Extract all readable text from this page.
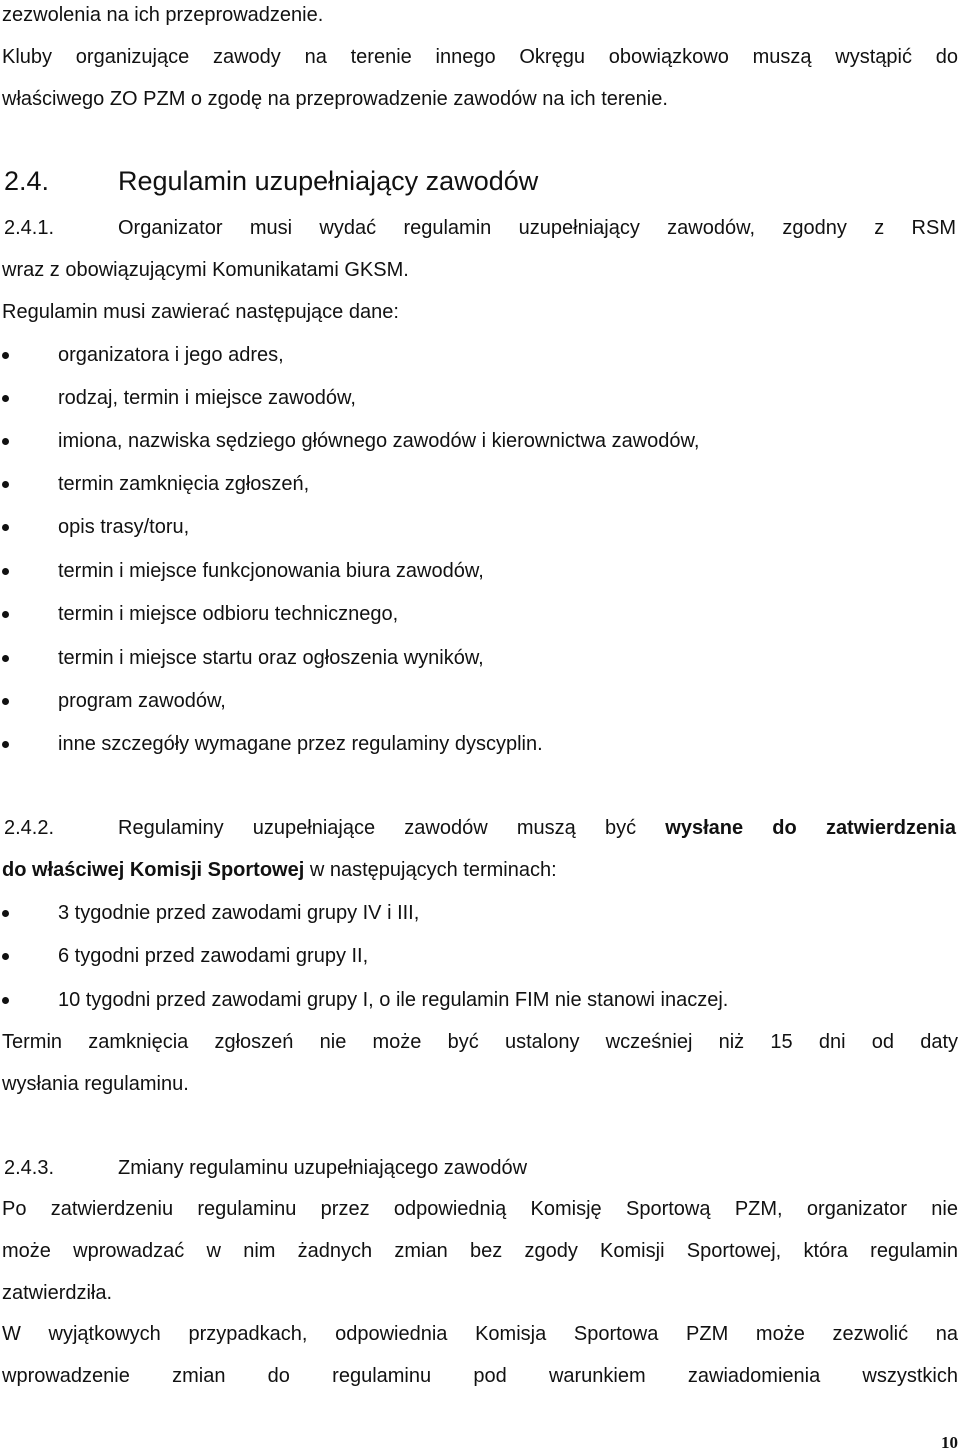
zezwolenia na ich przeprowadzenie.
Kluby organizujące zawody na terenie innego Okręgu obowiązkowo muszą wystąpić do
właściwego ZO PZM o zgodę na przeprowadzenie zawodów na ich terenie.
2.4.	Regulamin uzupełniający zawodów
2.4.1.	Organizator musi wydać regulamin uzupełniający zawodów, zgodny z RSM
wraz z obowiązującymi Komunikatami GKSM.
Regulamin musi zawierać następujące dane:
organizatora i jego adres,
rodzaj, termin i miejsce zawodów,
imiona, nazwiska sędziego głównego zawodów i kierownictwa zawodów,
termin zamknięcia zgłoszeń,
opis trasy/toru,
termin i miejsce funkcjonowania biura zawodów,
termin i miejsce odbioru technicznego,
termin i miejsce startu oraz ogłoszenia wyników,
program zawodów,
inne szczegóły wymagane przez regulaminy dyscyplin.
2.4.2.	Regulaminy uzupełniające zawodów muszą być wysłane do zatwierdzenia
do właściwej Komisji Sportowej w następujących terminach:
3 tygodnie przed zawodami grupy IV i III,
6 tygodni przed zawodami grupy II,
10 tygodni przed zawodami grupy I, o ile regulamin FIM nie stanowi inaczej.
Termin zamknięcia zgłoszeń nie może być ustalony wcześniej niż 15 dni od daty
wysłania regulaminu.
2.4.3.	Zmiany regulaminu uzupełniającego zawodów
Po zatwierdzeniu regulaminu przez odpowiednią Komisję Sportową PZM, organizator nie
może wprowadzać w nim żadnych zmian bez zgody Komisji Sportowej, która regulamin
zatwierdziła.
W wyjątkowych przypadkach, odpowiednia Komisja Sportowa PZM może zezwolić na
wprowadzenie zmian do regulaminu pod warunkiem zawiadomienia wszystkich
10
